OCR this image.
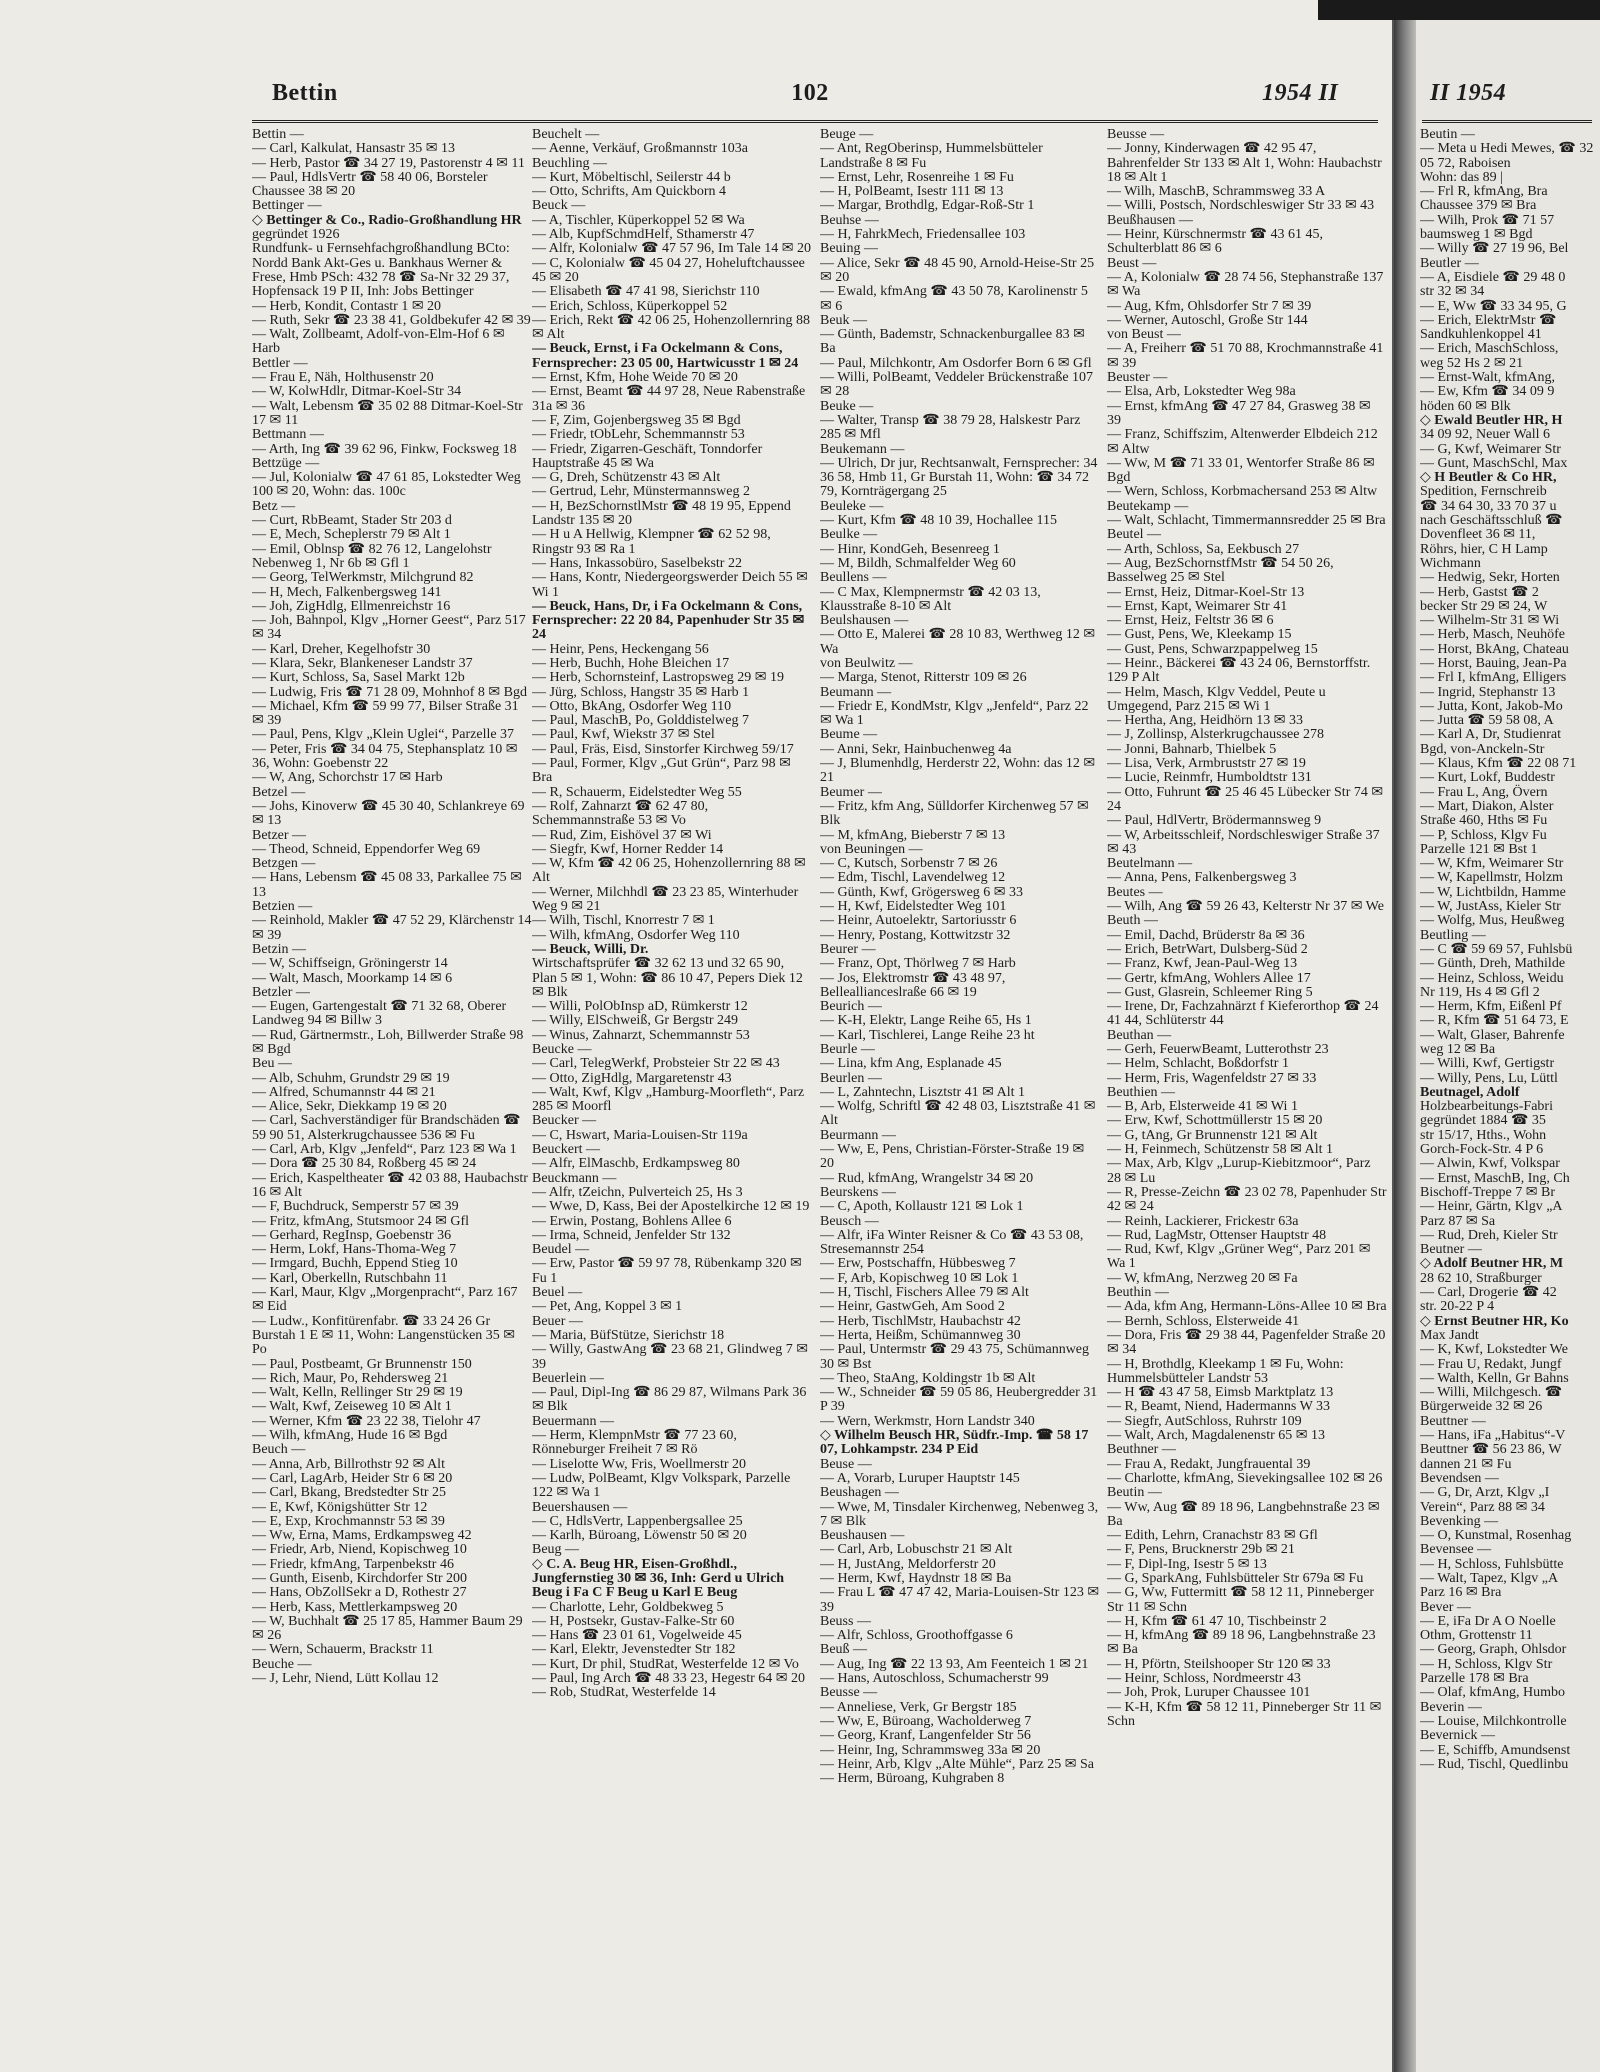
Bettin	102	1954 II
Bettin —
— Carl, Kalkulat, Hansastr 35 ✉ 13
— Herb, Pastor ☎ 34 27 19, Pastorenstr 4 ✉ 11
— Paul, HdlsVertr ☎ 58 40 06, Borsteler Chaussee 38 ✉ 20
Bettinger —
◇ Bettinger & Co., Radio-Großhandlung HR
gegründet 1926
Rundfunk- u Fernsehfachgroßhandlung BCto: Nordd Bank Akt-Ges u. Bankhaus Werner & Frese, Hmb PSch: 432 78 ☎ Sa-Nr 32 29 37, Hopfensack 19 P II, Inh: Jobs Bettinger
— Herb, Kondit, Contastr 1 ✉ 20
— Ruth, Sekr ☎ 23 38 41, Goldbekufer 42 ✉ 39
— Walt, Zollbeamt, Adolf-von-Elm-Hof 6 ✉ Harb
Bettler —
— Frau E, Näh, Holthusenstr 20
— W, KolwHdlr, Ditmar-Koel-Str 34
— Walt, Lebensm ☎ 35 02 88 Ditmar-Koel-Str 17 ✉ 11
Bettmann —
— Arth, Ing ☎ 39 62 96, Finkw, Focksweg 18
Bettzüge —
— Jul, Kolonialw ☎ 47 61 85, Lokstedter Weg 100 ✉ 20, Wohn: das. 100c
Betz —
— Curt, RbBeamt, Stader Str 203 d
— E, Mech, Scheplerstr 79 ✉ Alt 1
— Emil, Oblnsp ☎ 82 76 12, Langelohstr Nebenweg 1, Nr 6b ✉ Gfl 1
— Georg, TelWerkmstr, Milchgrund 82
— H, Mech, Falkenbergsweg 141
— Joh, ZigHdlg, Ellmenreichstr 16
— Joh, Bahnpol, Klgv „Horner Geest“, Parz 517 ✉ 34
— Karl, Dreher, Kegelhofstr 30
— Klara, Sekr, Blankeneser Landstr 37
— Kurt, Schloss, Sa, Sasel Markt 12b
— Ludwig, Fris ☎ 71 28 09, Mohnhof 8 ✉ Bgd
— Michael, Kfm ☎ 59 99 77, Bilser Straße 31 ✉ 39
— Paul, Pens, Klgv „Klein Uglei“, Parzelle 37
— Peter, Fris ☎ 34 04 75, Stephansplatz 10 ✉ 36, Wohn: Goebenstr 22
— W, Ang, Schorchstr 17 ✉ Harb
Betzel —
— Johs, Kinoverw ☎ 45 30 40, Schlankreye 69 ✉ 13
Betzer —
— Theod, Schneid, Eppendorfer Weg 69
Betzgen —
— Hans, Lebensm ☎ 45 08 33, Parkallee 75 ✉ 13
Betzien —
— Reinhold, Makler ☎ 47 52 29, Klärchenstr 14 ✉ 39
Betzin —
— W, Schiffseign, Gröningerstr 14
— Walt, Masch, Moorkamp 14 ✉ 6
Betzler —
— Eugen, Gartengestalt ☎ 71 32 68, Oberer Landweg 94 ✉ Billw 3
— Rud, Gärtnermstr., Loh, Billwerder Straße 98 ✉ Bgd
Beu —
— Alb, Schuhm, Grundstr 29 ✉ 19
— Alfred, Schumannstr 44 ✉ 21
— Alice, Sekr, Diekkamp 19 ✉ 20
— Carl, Sachverständiger für Brandschäden ☎ 59 90 51, Alsterkrugchaussee 536 ✉ Fu
— Carl, Arb, Klgv „Jenfeld“, Parz 123 ✉ Wa 1
— Dora ☎ 25 30 84, Roßberg 45 ✉ 24
— Erich, Kaspeltheater ☎ 42 03 88, Haubachstr 16 ✉ Alt
— F, Buchdruck, Semperstr 57 ✉ 39
— Fritz, kfmAng, Stutsmoor 24 ✉ Gfl
— Gerhard, RegInsp, Goebenstr 36
— Herm, Lokf, Hans-Thoma-Weg 7
— Irmgard, Buchh, Eppend Stieg 10
— Karl, Oberkelln, Rutschbahn 11
— Karl, Maur, Klgv „Morgenpracht“, Parz 167 ✉ Eid
— Ludw., Konfitürenfabr. ☎ 33 24 26 Gr Burstah 1 E ✉ 11, Wohn: Langenstücken 35 ✉ Po
— Paul, Postbeamt, Gr Brunnenstr 150
— Rich, Maur, Po, Rehdersweg 21
— Walt, Kelln, Rellinger Str 29 ✉ 19
— Walt, Kwf, Zeiseweg 10 ✉ Alt 1
— Werner, Kfm ☎ 23 22 38, Tielohr 47
— Wilh, kfmAng, Hude 16 ✉ Bgd
Beuch —
— Anna, Arb, Billrothstr 92 ✉ Alt
— Carl, LagArb, Heider Str 6 ✉ 20
— Carl, Bkang, Bredstedter Str 25
— E, Kwf, Königshütter Str 12
— E, Exp, Krochmannstr 53 ✉ 39
— Ww, Erna, Mams, Erdkampsweg 42
— Friedr, Arb, Niend, Kopischweg 10
— Friedr, kfmAng, Tarpenbekstr 46
— Gunth, Eisenb, Kirchdorfer Str 200
— Hans, ObZollSekr a D, Rothestr 27
— Herb, Kass, Mettlerkampsweg 20
— W, Buchhalt ☎ 25 17 85, Hammer Baum 29 ✉ 26
— Wern, Schauerm, Brackstr 11
Beuche —
— J, Lehr, Niend, Lütt Kollau 12
Beuchelt —
— Aenne, Verkäuf, Großmannstr 103a
Beuchling —
— Kurt, Möbeltischl, Seilerstr 44 b
— Otto, Schrifts, Am Quickborn 4
Beuck —
— A, Tischler, Küperkoppel 52 ✉ Wa
— Alb, KupfSchmdHelf, Sthamerstr 47
— Alfr, Kolonialw ☎ 47 57 96, Im Tale 14 ✉ 20
— C, Kolonialw ☎ 45 04 27, Hoheluftchaussee 45 ✉ 20
— Elisabeth ☎ 47 41 98, Sierichstr 110
— Erich, Schloss, Küperkoppel 52
— Erich, Rekt ☎ 42 06 25, Hohenzollernring 88 ✉ Alt
— Beuck, Ernst, i Fa Ockelmann & Cons, Fernsprecher: 23 05 00, Hartwicusstr 1 ✉ 24
— Ernst, Kfm, Hohe Weide 70 ✉ 20
— Ernst, Beamt ☎ 44 97 28, Neue Rabenstraße 31a ✉ 36
— F, Zim, Gojenbergsweg 35 ✉ Bgd
— Friedr, tObLehr, Schemmannstr 53
— Friedr, Zigarren-Geschäft, Tonndorfer Hauptstraße 45 ✉ Wa
— G, Dreh, Schützenstr 43 ✉ Alt
— Gertrud, Lehr, Münstermannsweg 2
— H, BezSchornstlMstr ☎ 48 19 95, Eppend Landstr 135 ✉ 20
— H u A Hellwig, Klempner ☎ 62 52 98, Ringstr 93 ✉ Ra 1
— Hans, Inkassobüro, Saselbekstr 22
— Hans, Kontr, Niedergeorgswerder Deich 55 ✉ Wi 1
— Beuck, Hans, Dr, i Fa Ockelmann & Cons, Fernsprecher: 22 20 84, Papenhuder Str 35 ✉ 24
— Heinr, Pens, Heckengang 56
— Herb, Buchh, Hohe Bleichen 17
— Herb, Schornsteinf, Lastropsweg 29 ✉ 19
— Jürg, Schloss, Hangstr 35 ✉ Harb 1
— Otto, BkAng, Osdorfer Weg 110
— Paul, MaschB, Po, Golddistelweg 7
— Paul, Kwf, Wiekstr 37 ✉ Stel
— Paul, Fräs, Eisd, Sinstorfer Kirchweg 59/17
— Paul, Former, Klgv „Gut Grün“, Parz 98 ✉ Bra
— R, Schauerm, Eidelstedter Weg 55
— Rolf, Zahnarzt ☎ 62 47 80, Schemmannstraße 53 ✉ Vo
— Rud, Zim, Eishövel 37 ✉ Wi
— Siegfr, Kwf, Horner Redder 14
— W, Kfm ☎ 42 06 25, Hohenzollernring 88 ✉ Alt
— Werner, Milchhdl ☎ 23 23 85, Winterhuder Weg 9 ✉ 21
— Wilh, Tischl, Knorrestr 7 ✉ 1
— Wilh, kfmAng, Osdorfer Weg 110
— Beuck, Willi, Dr.
Wirtschaftsprüfer ☎ 32 62 13 und 32 65 90, Plan 5 ✉ 1, Wohn: ☎ 86 10 47, Pepers Diek 12 ✉ Blk
— Willi, PolObInsp aD, Rümkerstr 12
— Willy, ElSchweiß, Gr Bergstr 249
— Winus, Zahnarzt, Schemmannstr 53
Beucke —
— Carl, TelegWerkf, Probsteier Str 22 ✉ 43
— Otto, ZigHdlg, Margaretenstr 43
— Walt, Kwf, Klgv „Hamburg-Moorfleth“, Parz 285 ✉ Moorfl
Beucker —
— C, Hswart, Maria-Louisen-Str 119a
Beuckert —
— Alfr, ElMaschb, Erdkampsweg 80
Beuckmann —
— Alfr, tZeichn, Pulverteich 25, Hs 3
— Wwe, D, Kass, Bei der Apostelkirche 12 ✉ 19
— Erwin, Postang, Bohlens Allee 6
— Irma, Schneid, Jenfelder Str 132
Beudel —
— Erw, Pastor ☎ 59 97 78, Rübenkamp 320 ✉ Fu 1
Beuel —
— Pet, Ang, Koppel 3 ✉ 1
Beuer —
— Maria, BüfStütze, Sierichstr 18
— Willy, GastwAng ☎ 23 68 21, Glindweg 7 ✉ 39
Beuerlein —
— Paul, Dipl-Ing ☎ 86 29 87, Wilmans Park 36 ✉ Blk
Beuermann —
— Herm, KlempnMstr ☎ 77 23 60, Rönneburger Freiheit 7 ✉ Rö
— Liselotte Ww, Fris, Woellmerstr 20
— Ludw, PolBeamt, Klgv Volkspark, Parzelle 122 ✉ Wa 1
Beuershausen —
— C, HdlsVertr, Lappenbergsallee 25
— Karlh, Büroang, Löwenstr 50 ✉ 20
Beug —
◇ C. A. Beug HR, Eisen-Großhdl., Jungfernstieg 30 ✉ 36, Inh: Gerd u Ulrich Beug i Fa C F Beug u Karl E Beug
— Charlotte, Lehr, Goldbekweg 5
— H, Postsekr, Gustav-Falke-Str 60
— Hans ☎ 23 01 61, Vogelweide 45
— Karl, Elektr, Jevenstedter Str 182
— Kurt, Dr phil, StudRat, Westerfelde 12 ✉ Vo
— Paul, Ing Arch ☎ 48 33 23, Hegestr 64 ✉ 20
— Rob, StudRat, Westerfelde 14
Beuge —
— Ant, RegOberinsp, Hummelsbütteler Landstraße 8 ✉ Fu
— Ernst, Lehr, Rosenreihe 1 ✉ Fu
— H, PolBeamt, Isestr 111 ✉ 13
— Margar, Brothdlg, Edgar-Roß-Str 1
Beuhse —
— H, FahrkMech, Friedensallee 103
Beuing —
— Alice, Sekr ☎ 48 45 90, Arnold-Heise-Str 25 ✉ 20
— Ewald, kfmAng ☎ 43 50 78, Karolinenstr 5 ✉ 6
Beuk —
— Günth, Bademstr, Schnackenburgallee 83 ✉ Ba
— Paul, Milchkontr, Am Osdorfer Born 6 ✉ Gfl
— Willi, PolBeamt, Veddeler Brückenstraße 107 ✉ 28
Beuke —
— Walter, Transp ☎ 38 79 28, Halskestr Parz 285 ✉ Mfl
Beukemann —
— Ulrich, Dr jur, Rechtsanwalt, Fernsprecher: 34 36 58, Hmb 11, Gr Burstah 11, Wohn: ☎ 34 72 79, Kornträgergang 25
Beuleke —
— Kurt, Kfm ☎ 48 10 39, Hochallee 115
Beulke —
— Hinr, KondGeh, Besenreeg 1
— M, Bildh, Schmalfelder Weg 60
Beullens —
— C Max, Klempnermstr ☎ 42 03 13, Klausstraße 8-10 ✉ Alt
Beulshausen —
— Otto E, Malerei ☎ 28 10 83, Werthweg 12 ✉ Wa
von Beulwitz —
— Marga, Stenot, Ritterstr 109 ✉ 26
Beumann —
— Friedr E, KondMstr, Klgv „Jenfeld“, Parz 22 ✉ Wa 1
Beume —
— Anni, Sekr, Hainbuchenweg 4a
— J, Blumenhdlg, Herderstr 22, Wohn: das 12 ✉ 21
Beumer —
— Fritz, kfm Ang, Sülldorfer Kirchenweg 57 ✉ Blk
— M, kfmAng, Bieberstr 7 ✉ 13
von Beuningen —
— C, Kutsch, Sorbenstr 7 ✉ 26
— Edm, Tischl, Lavendelweg 12
— Günth, Kwf, Grögersweg 6 ✉ 33
— H, Kwf, Eidelstedter Weg 101
— Heinr, Autoelektr, Sartoriusstr 6
— Henry, Postang, Kottwitzstr 32
Beurer —
— Franz, Opt, Thörlweg 7 ✉ Harb
— Jos, Elektromstr ☎ 43 48 97, Belleallianceslraße 66 ✉ 19
Beurich —
— K-H, Elektr, Lange Reihe 65, Hs 1
— Karl, Tischlerei, Lange Reihe 23 ht
Beurle —
— Lina, kfm Ang, Esplanade 45
Beurlen —
— L, Zahntechn, Lisztstr 41 ✉ Alt 1
— Wolfg, Schriftl ☎ 42 48 03, Lisztstraße 41 ✉ Alt
Beurmann —
— Ww, E, Pens, Christian-Förster-Straße 19 ✉ 20
— Rud, kfmAng, Wrangelstr 34 ✉ 20
Beurskens —
— C, Apoth, Kollaustr 121 ✉ Lok 1
Beusch —
— Alfr, iFa Winter Reisner & Co ☎ 43 53 08, Stresemannstr 254
— Erw, Postschaffn, Hübbesweg 7
— F, Arb, Kopischweg 10 ✉ Lok 1
— H, Tischl, Fischers Allee 79 ✉ Alt
— Heinr, GastwGeh, Am Sood 2
— Herb, TischlMstr, Haubachstr 42
— Herta, Heißm, Schümannweg 30
— Paul, Untermstr ☎ 29 43 75, Schümannweg 30 ✉ Bst
— Theo, StaAng, Koldingstr 1b ✉ Alt
— W., Schneider ☎ 59 05 86, Heubergredder 31 P 39
— Wern, Werkmstr, Horn Landstr 340
◇ Wilhelm Beusch HR, Südfr.-Imp. ☎ 58 17 07, Lohkampstr. 234 P Eid
Beuse —
— A, Vorarb, Luruper Hauptstr 145
Beushagen —
— Wwe, M, Tinsdaler Kirchenweg, Nebenweg 3, 7 ✉ Blk
Beushausen —
— Carl, Arb, Lobuschstr 21 ✉ Alt
— H, JustAng, Meldorferstr 20
— Herm, Kwf, Haydnstr 18 ✉ Ba
— Frau L ☎ 47 47 42, Maria-Louisen-Str 123 ✉ 39
Beuss —
— Alfr, Schloss, Groothoffgasse 6
Beuß —
— Aug, Ing ☎ 22 13 93, Am Feenteich 1 ✉ 21
— Hans, Autoschloss, Schumacherstr 99
Beusse —
— Anneliese, Verk, Gr Bergstr 185
— Ww, E, Büroang, Wacholderweg 7
— Georg, Kranf, Langenfelder Str 56
— Heinr, Ing, Schrammsweg 33a ✉ 20
— Heinr, Arb, Klgv „Alte Mühle“, Parz 25 ✉ Sa
— Herm, Büroang, Kuhgraben 8
Beusse —
— Jonny, Kinderwagen ☎ 42 95 47, Bahrenfelder Str 133 ✉ Alt 1, Wohn: Haubachstr 18 ✉ Alt 1
— Wilh, MaschB, Schrammsweg 33 A
— Willi, Postsch, Nordschleswiger Str 33 ✉ 43
Beußhausen —
— Heinr, Kürschnermstr ☎ 43 61 45, Schulterblatt 86 ✉ 6
Beust —
— A, Kolonialw ☎ 28 74 56, Stephanstraße 137 ✉ Wa
— Aug, Kfm, Ohlsdorfer Str 7 ✉ 39
— Werner, Autoschl, Große Str 144
von Beust —
— A, Freiherr ☎ 51 70 88, Krochmannstraße 41 ✉ 39
Beuster —
— Elsa, Arb, Lokstedter Weg 98a
— Ernst, kfmAng ☎ 47 27 84, Grasweg 38 ✉ 39
— Franz, Schiffszim, Altenwerder Elbdeich 212 ✉ Altw
— Ww, M ☎ 71 33 01, Wentorfer Straße 86 ✉ Bgd
— Wern, Schloss, Korbmachersand 253 ✉ Altw
Beutekamp —
— Walt, Schlacht, Timmermannsredder 25 ✉ Bra
Beutel —
— Arth, Schloss, Sa, Eekbusch 27
— Aug, BezSchornstfMstr ☎ 54 50 26, Basselweg 25 ✉ Stel
— Ernst, Heiz, Ditmar-Koel-Str 13
— Ernst, Kapt, Weimarer Str 41
— Ernst, Heiz, Feltstr 36 ✉ 6
— Gust, Pens, We, Kleekamp 15
— Gust, Pens, Schwarzpappelweg 15
— Heinr., Bäckerei ☎ 43 24 06, Bernstorffstr. 129 P Alt
— Helm, Masch, Klgv Veddel, Peute u Umgegend, Parz 215 ✉ Wi 1
— Hertha, Ang, Heidhörn 13 ✉ 33
— J, Zollinsp, Alsterkrugchaussee 278
— Jonni, Bahnarb, Thielbek 5
— Lisa, Verk, Armbruststr 27 ✉ 19
— Lucie, Reinmfr, Humboldtstr 131
— Otto, Fuhrunt ☎ 25 46 45 Lübecker Str 74 ✉ 24
— Paul, HdlVertr, Brödermannsweg 9
— W, Arbeitsschleif, Nordschleswiger Straße 37 ✉ 43
Beutelmann —
— Anna, Pens, Falkenbergsweg 3
Beutes —
— Wilh, Ang ☎ 59 26 43, Kelterstr Nr 37 ✉ We
Beuth —
— Emil, Dachd, Brüderstr 8a ✉ 36
— Erich, BetrWart, Dulsberg-Süd 2
— Franz, Kwf, Jean-Paul-Weg 13
— Gertr, kfmAng, Wohlers Allee 17
— Gust, Glasrein, Schleemer Ring 5
— Irene, Dr, Fachzahnärzt f Kieferorthop ☎ 24 41 44, Schlüterstr 44
Beuthan —
— Gerh, FeuerwBeamt, Lutterothstr 23
— Helm, Schlacht, Boßdorfstr 1
— Herm, Fris, Wagenfeldstr 27 ✉ 33
Beuthien —
— B, Arb, Elsterweide 41 ✉ Wi 1
— Erw, Kwf, Schottmüllerstr 15 ✉ 20
— G, tAng, Gr Brunnenstr 121 ✉ Alt
— H, Feinmech, Schützenstr 58 ✉ Alt 1
— Max, Arb, Klgv „Lurup-Kiebitzmoor“, Parz 28 ✉ Lu
— R, Presse-Zeichn ☎ 23 02 78, Papenhuder Str 42 ✉ 24
— Reinh, Lackierer, Frickestr 63a
— Rud, LagMstr, Ottenser Hauptstr 48
— Rud, Kwf, Klgv „Grüner Weg“, Parz 201 ✉ Wa 1
— W, kfmAng, Nerzweg 20 ✉ Fa
Beuthin —
— Ada, kfm Ang, Hermann-Löns-Allee 10 ✉ Bra
— Bernh, Schloss, Elsterweide 41
— Dora, Fris ☎ 29 38 44, Pagenfelder Straße 20 ✉ 34
— H, Brothdlg, Kleekamp 1 ✉ Fu, Wohn: Hummelsbütteler Landstr 53
— H ☎ 43 47 58, Eimsb Marktplatz 13
— R, Beamt, Niend, Hadermanns W 33
— Siegfr, AutSchloss, Ruhrstr 109
— Walt, Arch, Magdalenenstr 65 ✉ 13
Beuthner —
— Frau A, Redakt, Jungfrauental 39
— Charlotte, kfmAng, Sievekingsallee 102 ✉ 26
Beutin —
— Ww, Aug ☎ 89 18 96, Langbehnstraße 23 ✉ Ba
— Edith, Lehrn, Cranachstr 83 ✉ Gfl
— F, Pens, Brucknerstr 29b ✉ 21
— F, Dipl-Ing, Isestr 5 ✉ 13
— G, SparkAng, Fuhlsbütteler Str 679a ✉ Fu
— G, Ww, Futtermitt ☎ 58 12 11, Pinneberger Str 11 ✉ Schn
— H, Kfm ☎ 61 47 10, Tischbeinstr 2
— H, kfmAng ☎ 89 18 96, Langbehnstraße 23 ✉ Ba
— H, Pförtn, Steilshooper Str 120 ✉ 33
— Heinr, Schloss, Nordmeerstr 43
— Joh, Prok, Luruper Chaussee 101
— K-H, Kfm ☎ 58 12 11, Pinneberger Str 11 ✉ Schn
II 1954
Beutin —
— Meta u Hedi Mewes, ☎ 32 05 72, Raboisen
Wohn: das 89 |
— Frl R, kfmAng, Bra
Chaussee 379 ✉ Bra
— Wilh, Prok ☎ 71 57
baumsweg 1 ✉ Bgd
— Willy ☎ 27 19 96, Bel
Beutler —
— A, Eisdiele ☎ 29 48 0
str 32 ✉ 34
— E, Ww ☎ 33 34 95, G
— Erich, ElektrMstr ☎
Sandkuhlenkoppel 41
— Erich, MaschSchloss,
weg 52 Hs 2 ✉ 21
— Ernst-Walt, kfmAng,
— Ew, Kfm ☎ 34 09 9
höden 60 ✉ Blk
◇ Ewald Beutler HR, H
34 09 92, Neuer Wall 6
— G, Kwf, Weimarer Str
— Gunt, MaschSchl, Max
◇ H Beutler & Co HR,
Spedition, Fernschreib
☎ 34 64 30, 33 70 37 u
nach Geschäftsschluß ☎
Dovenfleet 36 ✉ 11,
Röhrs, hier, C H Lamp
Wichmann
— Hedwig, Sekr, Horten
— Herb, Gastst ☎ 2
becker Str 29 ✉ 24, W
— Wilhelm-Str 31 ✉ Wi
— Herb, Masch, Neuhöfe
— Horst, BkAng, Chateau
— Horst, Bauing, Jean-Pa
— Frl I, kfmAng, Elligers
— Ingrid, Stephanstr 13
— Jutta, Kont, Jakob-Mo
— Jutta ☎ 59 58 08, A
— Karl A, Dr, Studienrat
Bgd, von-Anckeln-Str
— Klaus, Kfm ☎ 22 08 71
— Kurt, Lokf, Buddestr
— Frau L, Ang, Övern
— Mart, Diakon, Alster
Straße 460, Hths ✉ Fu
— P, Schloss, Klgv Fu
Parzelle 121 ✉ Bst 1
— W, Kfm, Weimarer Str
— W, Kapellmstr, Holzm
— W, Lichtbildn, Hamme
— W, JustAss, Kieler Str
— Wolfg, Mus, Heußweg
Beutling —
— C ☎ 59 69 57, Fuhlsbü
— Günth, Dreh, Mathilde
— Heinz, Schloss, Weidu
Nr 119, Hs 4 ✉ Gfl 2
— Herm, Kfm, Eißenl Pf
— R, Kfm ☎ 51 64 73, E
— Walt, Glaser, Bahrenfe
weg 12 ✉ Ba
— Willi, Kwf, Gertigstr
— Willy, Pens, Lu, Lüttl
Beutnagel, Adolf
Holzbearbeitungs-Fabri
gegründet 1884 ☎ 35
str 15/17, Hths., Wohn
Gorch-Fock-Str. 4 P 6
— Alwin, Kwf, Volkspar
— Ernst, MaschB, Ing, Ch
Bischoff-Treppe 7 ✉ Br
— Heinr, Gärtn, Klgv „A
Parz 87 ✉ Sa
— Rud, Dreh, Kieler Str
Beutner —
◇ Adolf Beutner HR, M
28 62 10, Straßburger
— Carl, Drogerie ☎ 42
str. 20-22 P 4
◇ Ernst Beutner HR, Ko
Max Jandt
— K, Kwf, Lokstedter We
— Frau U, Redakt, Jungf
— Walth, Kelln, Gr Bahns
— Willi, Milchgesch. ☎
Bürgerweide 32 ✉ 26
Beuttner —
— Hans, iFa „Habitus“-V
Beuttner ☎ 56 23 86, W
dannen 21 ✉ Fu
Bevendsen —
— G, Dr, Arzt, Klgv „I
Verein“, Parz 88 ✉ 34
Bevenking —
— O, Kunstmal, Rosenhag
Bevensee —
— H, Schloss, Fuhlsbütte
— Walt, Tapez, Klgv „A
Parz 16 ✉ Bra
Bever —
— E, iFa Dr A O Noelle
Othm, Grottenstr 11
— Georg, Graph, Ohlsdor
— H, Schloss, Klgv Str
Parzelle 178 ✉ Bra
— Olaf, kfmAng, Humbo
Beverin —
— Louise, Milchkontrolle
Bevernick —
— E, Schiffb, Amundsenst
— Rud, Tischl, Quedlinbu
